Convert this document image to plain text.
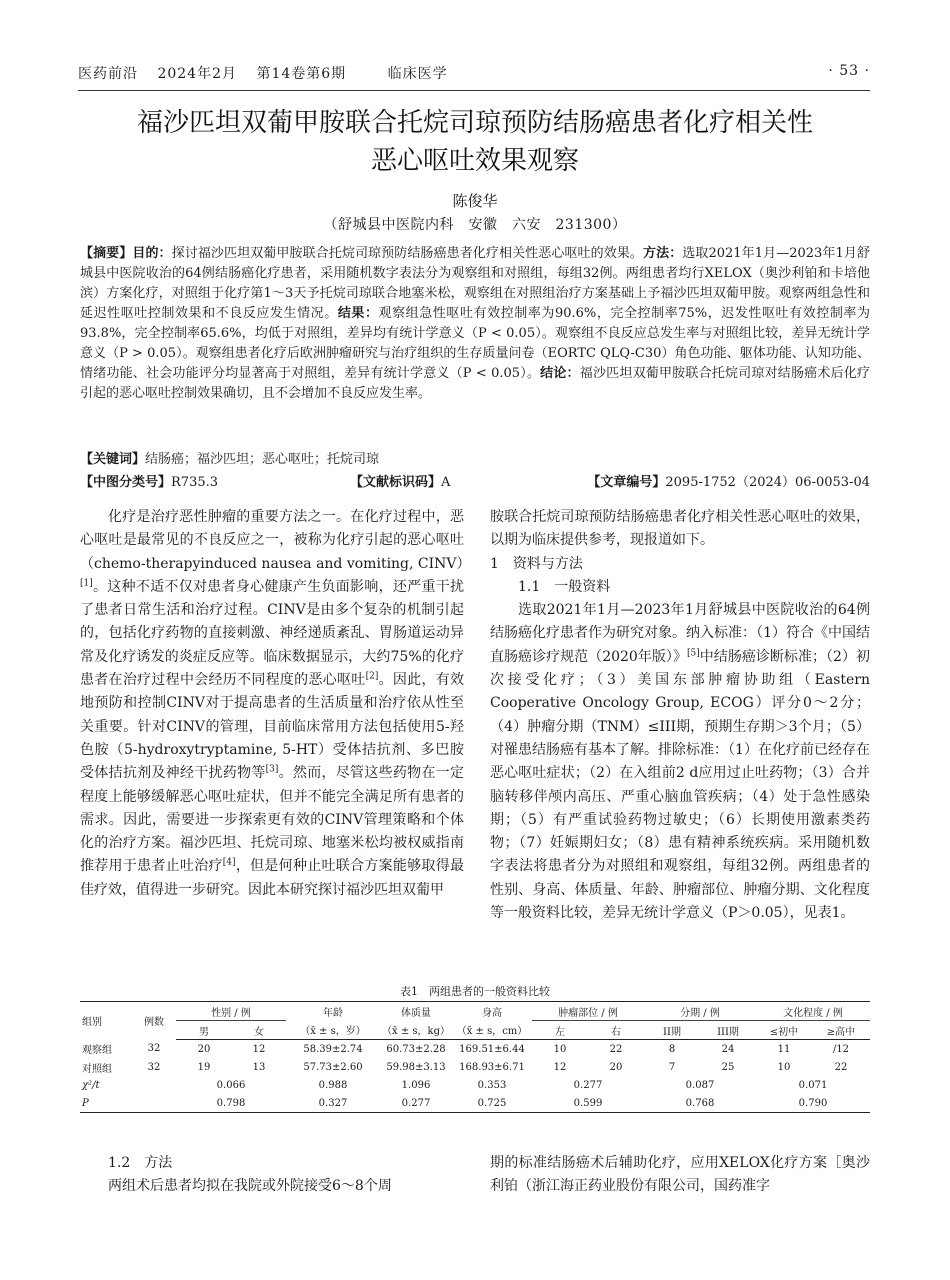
医药前沿 2024年2月 第14卷第6期	临床医学	· 53 ·
福沙匹坦双葡甲胺联合托烷司琼预防结肠癌患者化疗相关性
恶心呕吐效果观察
陈俊华
（舒城县中医院内科　安徽　六安　231300）
【摘要】目的：探讨福沙匹坦双葡甲胺联合托烷司琼预防结肠癌患者化疗相关性恶心呕吐的效果。方法：选取2021年1月—2023年1月舒城县中医院收治的64例结肠癌化疗患者，采用随机数字表法分为观察组和对照组，每组32例。两组患者均行XELOX（奥沙利铂和卡培他滨）方案化疗，对照组于化疗第1～3天予托烷司琼联合地塞米松，观察组在对照组治疗方案基础上予福沙匹坦双葡甲胺。观察两组急性和延迟性呕吐控制效果和不良反应发生情况。结果：观察组急性呕吐有效控制率为90.6%，完全控制率75%，迟发性呕吐有效控制率为93.8%，完全控制率65.6%，均低于对照组，差异均有统计学意义（P < 0.05）。观察组不良反应总发生率与对照组比较，差异无统计学意义（P > 0.05）。观察组患者化疗后欧洲肿瘤研究与治疗组织的生存质量问卷（EORTC QLQ-C30）角色功能、躯体功能、认知功能、情绪功能、社会功能评分均显著高于对照组，差异有统计学意义（P < 0.05）。结论：福沙匹坦双葡甲胺联合托烷司琼对结肠癌术后化疗引起的恶心呕吐控制效果确切，且不会增加不良反应发生率。
【关键词】结肠癌；福沙匹坦；恶心呕吐；托烷司琼
【中图分类号】R735.3	【文献标识码】A	【文章编号】2095-1752（2024）06-0053-04

化疗是治疗恶性肿瘤的重要方法之一。在化疗过程中，恶心呕吐是最常见的不良反应之一，被称为化疗引起的恶心呕吐（chemo-therapyinduced nausea and vomiting, CINV）[1]。这种不适不仅对患者身心健康产生负面影响，还严重干扰了患者日常生活和治疗过程。CINV是由多个复杂的机制引起的，包括化疗药物的直接刺激、神经递质紊乱、胃肠道运动异常及化疗诱发的炎症反应等。临床数据显示，大约75%的化疗患者在治疗过程中会经历不同程度的恶心呕吐[2]。因此，有效地预防和控制CINV对于提高患者的生活质量和治疗依从性至关重要。针对CINV的管理，目前临床常用方法包括使用5-羟色胺（5-hydroxytryptamine, 5-HT）受体拮抗剂、多巴胺受体拮抗剂及神经干扰药物等[3]。然而，尽管这些药物在一定程度上能够缓解恶心呕吐症状，但并不能完全满足所有患者的需求。因此，需要进一步探索更有效的CINV管理策略和个体化的治疗方案。福沙匹坦、托烷司琼、地塞米松均被权威指南推荐用于患者止吐治疗[4]，但是何种止吐联合方案能够取得最佳疗效，值得进一步研究。因此本研究探讨福沙匹坦双葡甲

胺联合托烷司琼预防结肠癌患者化疗相关性恶心呕吐的效果，以期为临床提供参考，现报道如下。

1　资料与方法

1.1　一般资料

选取2021年1月—2023年1月舒城县中医院收治的64例结肠癌化疗患者作为研究对象。纳入标准：（1）符合《中国结直肠癌诊疗规范（2020年版）》[5]中结肠癌诊断标准；（2）初次接受化疗；（3）美国东部肿瘤协助组（Eastern Cooperative Oncology Group, ECOG）评分0～2分；（4）肿瘤分期（TNM）≤III期，预期生存期＞3个月；（5）对罹患结肠癌有基本了解。排除标准：（1）在化疗前已经存在恶心呕吐症状；（2）在入组前2 d应用过止吐药物；（3）合并脑转移伴颅内高压、严重心脑血管疾病；（4）处于急性感染期；（5）有严重试验药物过敏史；（6）长期使用激素类药物；（7）妊娠期妇女；（8）患有精神系统疾病。采用随机数字表法将患者分为对照组和观察组，每组32例。两组患者的性别、身高、体质量、年龄、肿瘤部位、肿瘤分期、文化程度等一般资料比较，差异无统计学意义（P＞0.05），见表1。

表1　两组患者的一般资料比较
组别	例数	性别 / 例		年龄	体质量	身高	肿瘤部位 / 例		分期 / 例		文化程度 / 例	
		男	女	（x̄ ± s，岁）	（x̄ ± s，kg）	（x̄ ± s，cm）	左	右	II期	III期	≤初中	≥高中
观察组	32	20	12	58.39±2.74	60.73±2.28	169.51±6.44	10	22	8	24	11	/12
对照组	32	19	13	57.73±2.60	59.98±3.13	168.93±6.71	12	20	7	25	10	22
χ²/t		0.066		0.988	1.096	0.353	0.277		0.087		0.071	
P		0.798		0.327	0.277	0.725	0.599		0.768		0.790	

1.2　方法

两组术后患者均拟在我院或外院接受6～8个周

期的标准结肠癌术后辅助化疗，应用XELOX化疗方案［奥沙利铂（浙江海正药业股份有限公司，国药准字
